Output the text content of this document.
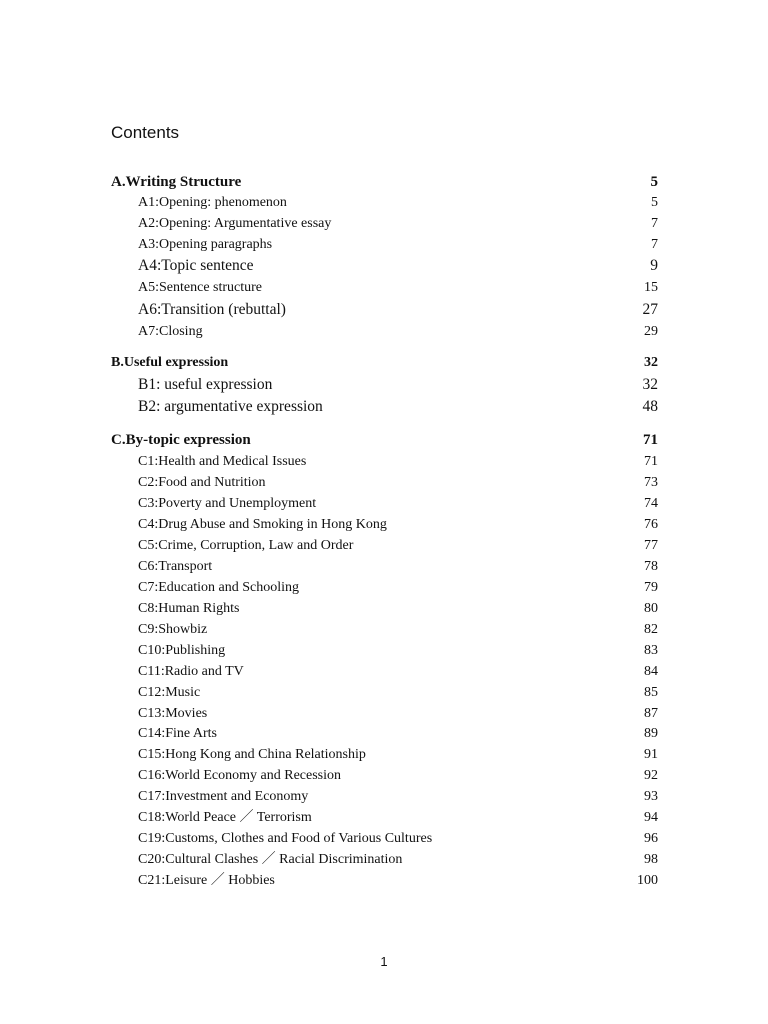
Contents
A.Writing Structure	5
A1:Opening: phenomenon	5
A2:Opening: Argumentative essay	7
A3:Opening paragraphs	7
A4:Topic sentence	9
A5:Sentence structure	15
A6:Transition (rebuttal)	27
A7:Closing	29
B.Useful expression	32
B1: useful expression	32
B2: argumentative expression	48
C.By-topic expression	71
C1:Health and Medical Issues	71
C2:Food and Nutrition	73
C3:Poverty and Unemployment	74
C4:Drug Abuse and Smoking in Hong Kong	76
C5:Crime, Corruption, Law and Order	77
C6:Transport	78
C7:Education and Schooling	79
C8:Human Rights	80
C9:Showbiz	82
C10:Publishing	83
C11:Radio and TV	84
C12:Music	85
C13:Movies	87
C14:Fine Arts	89
C15:Hong Kong and China Relationship	91
C16:World Economy and Recession	92
C17:Investment and Economy	93
C18:World Peace ／ Terrorism	94
C19:Customs, Clothes and Food of Various Cultures	96
C20:Cultural Clashes ／ Racial Discrimination	98
C21:Leisure ／ Hobbies	100
1
